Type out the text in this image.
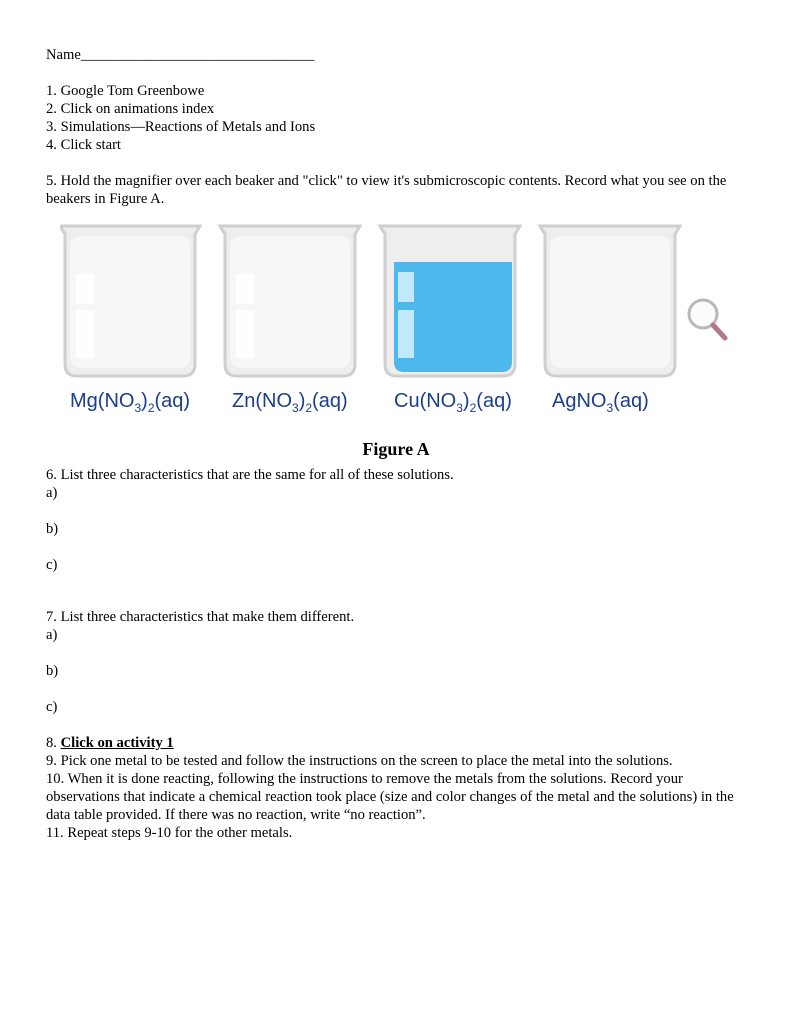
Name________________________________
1. Google Tom Greenbowe
2. Click on animations index
3. Simulations—Reactions of Metals and Ions
4. Click start
5. Hold the magnifier over each beaker and "click" to view it's submicroscopic contents. Record what you see on the beakers in Figure A.
$Mg(NO_3)_2(aq)$ $Zn(NO_3)_2(aq)$ $Cu(NO_3)_2(aq)$ AgNO$_3$(aq)
Figure A
6. List three characteristics that are the same for all of these solutions.
a)
b)
c)
7. List three characteristics that make them different.
a)
b)
c)
8. Click on activity 1
9. Pick one metal to be tested and follow the instructions on the screen to place the metal into the solutions.
10. When it is done reacting, following the instructions to remove the metals from the solutions. Record your observations that indicate a chemical reaction took place (size and color changes of the metal and the solutions) in the data table provided. If there was no reaction, write “no reaction”.
11. Repeat steps 9-10 for the other metals.
